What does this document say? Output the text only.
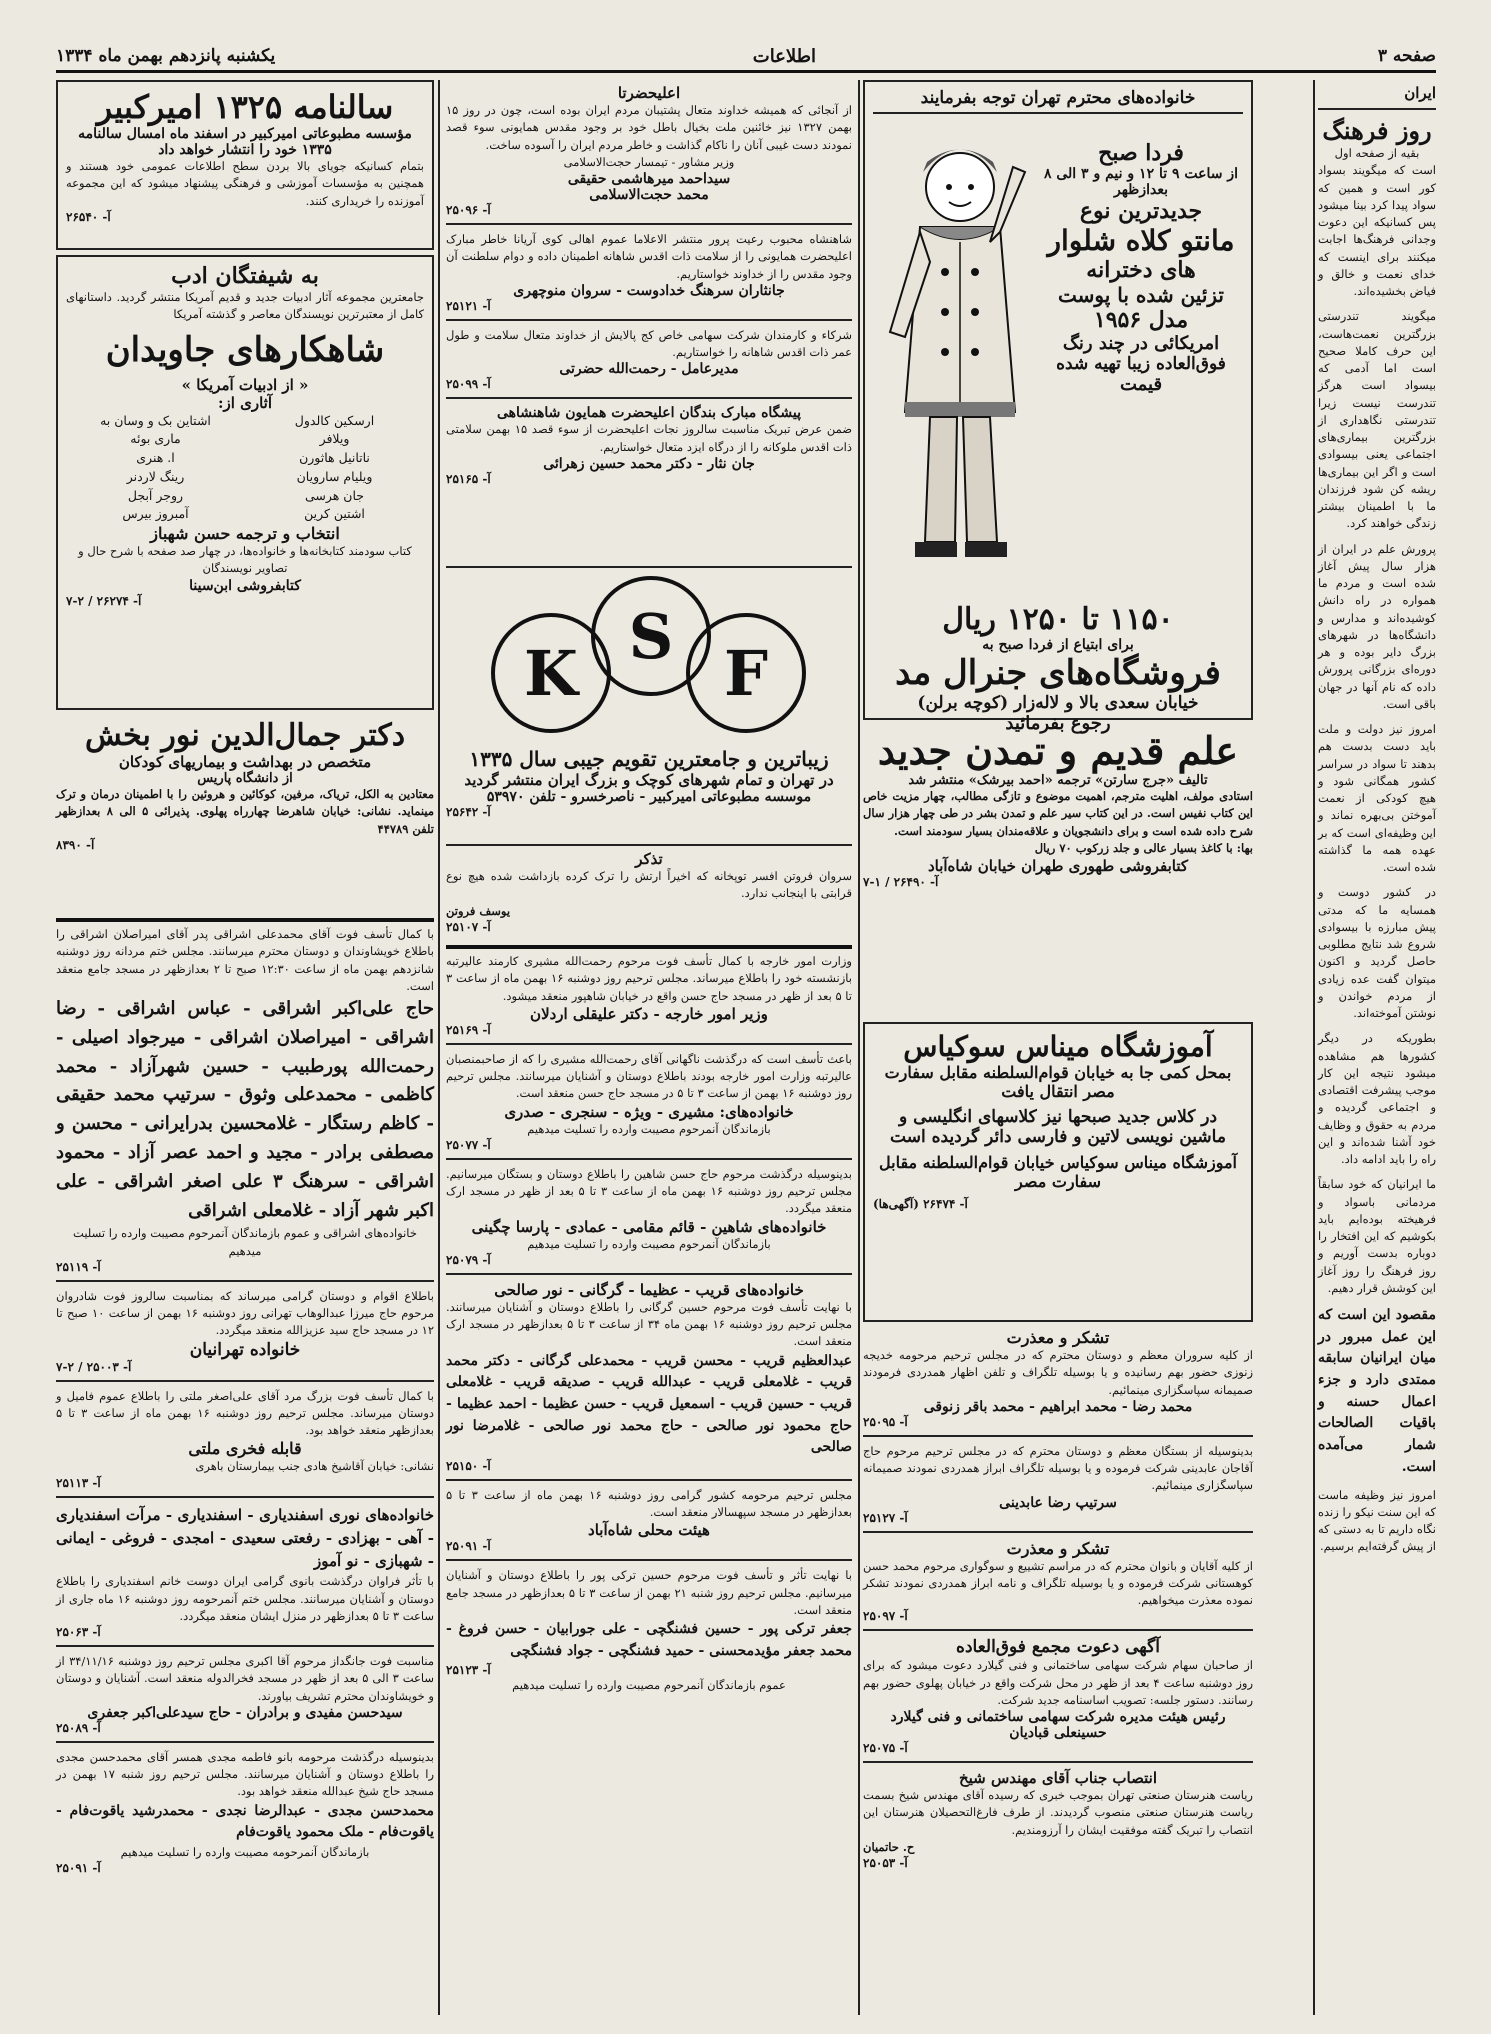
صفحه ۳
اطلاعات
یکشنبه پانزدهم بهمن ماه ۱۳۳۴
ایران
روز فرهنگ
بقیه از صفحه اول
است که میگویند بسواد کور است و همین که سواد پیدا کرد بینا میشود پس کسانیکه این دعوت وجدانی فرهنگ‌ها اجابت میکنند برای اینست که خدای نعمت و خالق و فیاض بخشیده‌اند.
میگویند تندرستی بزرگترین نعمت‌هاست، این حرف کاملا صحیح است اما آدمی که بیسواد است هرگز تندرست نیست زیرا تندرستی نگاهداری از بزرگترین بیماری‌های اجتماعی یعنی بیسوادی است و اگر این بیماری‌ها ریشه کن شود فرزندان ما با اطمینان بیشتر زندگی خواهند کرد.
پرورش علم در ایران از هزار سال پیش آغاز شده است و مردم ما همواره در راه دانش کوشیده‌اند و مدارس و دانشگاه‌ها در شهرهای بزرگ دایر بوده و هر دوره‌ای بزرگانی پرورش داده که نام آنها در جهان باقی است.
امروز نیز دولت و ملت باید دست بدست هم بدهند تا سواد در سراسر کشور همگانی شود و هیچ کودکی از نعمت آموختن بی‌بهره نماند و این وظیفه‌ای است که بر عهده همه ما گذاشته شده است.
در کشور دوست و همسایه ما که مدتی پیش مبارزه با بیسوادی شروع شد نتایج مطلوبی حاصل گردید و اکنون میتوان گفت عده زیادی از مردم خواندن و نوشتن آموخته‌اند.
بطوریکه در دیگر کشورها هم مشاهده میشود نتیجه این کار موجب پیشرفت اقتصادی و اجتماعی گردیده و مردم به حقوق و وظایف خود آشنا شده‌اند و این راه را باید ادامه داد.
ما ایرانیان که خود سابقاً مردمانی باسواد و فرهیخته بوده‌ایم باید بکوشیم که این افتخار را دوباره بدست آوریم و روز فرهنگ را روز آغاز این کوشش قرار دهیم.
مقصود این است که این عمل مبرور در میان ایرانیان سابقه ممتدی دارد و جزء اعمال حسنه و باقیات الصالحات شمار می‌آمده است.
امروز نیز وظیفه ماست که این سنت نیکو را زنده نگاه داریم تا به دستی که از پیش گرفته‌ایم برسیم.
خانواده‌های محترم تهران توجه بفرمایند
فردا صبح
از ساعت ۹ تا ۱۲ و نیم و ۳ الی ۸ بعدازظهر
جدیدترین نوع
مانتو کلاه شلوار
های دخترانه
تزئین شده با پوست
مدل ۱۹۵۶
امریکائی در چند رنگ
فوق‌العاده زیبا تهیه شده
قیمت
۱۱۵۰ تا ۱۲۵۰ ریال
برای ابتیاع از فردا صبح به
فروشگاه‌های جنرال مد
خیابان سعدی بالا و لاله‌زار (کوچه برلن)
رجوع بفرمائید
علم قدیم و تمدن جدید
تالیف «جرج سارتن» ترجمه «احمد بیرشک» منتشر شد
استادی مولف، اهلیت مترجم، اهمیت موضوع و تازگی مطالب، چهار مزیت خاص این کتاب نفیس است. در این کتاب سیر علم و تمدن بشر در طی چهار هزار سال شرح داده شده است و برای دانشجویان و علاقه‌مندان بسیار سودمند است.
بها: با کاغذ بسیار عالی و جلد زرکوب ۷۰ ریال
کتابفروشی طهوری طهران خیابان شاه‌آباد
آ- ۲۶۴۹۰ / ۱-۷
آموزشگاه میناس سوکیاس
بمحل کمی جا به خیابان قوام‌السلطنه مقابل سفارت
مصر انتقال یافت
در کلاس جدید صبحها نیز کلاسهای انگلیسی و ماشین نویسی لاتین و فارسی دائر گردیده است
آموزشگاه میناس سوکیاس خیابان قوام‌السلطنه مقابل سفارت مصر
آ- ۲۶۴۷۴ (آگهی‌ها)
تشکر و معذرت
از کلیه سروران معظم و دوستان محترم که در مجلس ترحیم مرحومه خدیجه زنوزی حضور بهم رسانیده و یا بوسیله تلگراف و تلفن اظهار همدردی فرمودند صمیمانه سپاسگزاری مینمائیم.
محمد رضا - محمد ابراهیم - محمد باقر زنوقی
آ- ۲۵۰۹۵
بدینوسیله از بستگان معظم و دوستان محترم که در مجلس ترحیم مرحوم حاج آقاجان عابدینی شرکت فرموده و یا بوسیله تلگراف ابراز همدردی نمودند صمیمانه سپاسگزاری مینمائیم.
سرتیپ رضا عابدینی
آ- ۲۵۱۲۷
تشکر و معذرت
از کلیه آقایان و بانوان محترم که در مراسم تشییع و سوگواری مرحوم محمد حسن کوهستانی شرکت فرموده و یا بوسیله تلگراف و نامه ابراز همدردی نمودند تشکر نموده معذرت میخواهیم.
آ- ۲۵۰۹۷
آگهی دعوت مجمع فوق‌العاده
از صاحبان سهام شرکت سهامی ساختمانی و فنی گیلارد دعوت میشود که برای روز دوشنبه ساعت ۴ بعد از ظهر در محل شرکت واقع در خیابان پهلوی حضور بهم رسانند. دستور جلسه: تصویب اساسنامه جدید شرکت.
رئیس هیئت مدیره شرکت سهامی ساختمانی و فنی گیلارد
حسینعلی قبادیان
آ- ۲۵۰۷۵
انتصاب جناب آقای مهندس شیخ
ریاست هنرستان صنعتی تهران بموجب خبری که رسیده آقای مهندس شیخ بسمت ریاست هنرستان صنعتی منصوب گردیدند. از طرف فارغ‌التحصیلان هنرستان این انتصاب را تبریک گفته موفقیت ایشان را آرزومندیم.
ح. حاتمیان
آ- ۲۵۰۵۳
اعلیحضرتا
از آنجائی که همیشه خداوند متعال پشتیبان مردم ایران بوده است، چون در روز ۱۵ بهمن ۱۳۲۷ نیز خائنین ملت بخیال باطل خود بر وجود مقدس همایونی سوء قصد نمودند دست غیبی آنان را ناکام گذاشت و خاطر مردم ایران را آسوده ساخت.
وزیر مشاور - تیمسار حجت‌الاسلامی
سیداحمد میرهاشمی حقیقی
محمد حجت‌الاسلامی
آ- ۲۵۰۹۶
شاهنشاه محبوب رعیت پرور منتشر الاعلاما عموم اهالی کوی آریانا خاطر مبارک اعلیحضرت همایونی را از سلامت ذات اقدس شاهانه اطمینان داده و دوام سلطنت آن وجود مقدس را از خداوند خواستاریم.
جانثاران سرهنگ خدادوست - سروان منوچهری
آ- ۲۵۱۲۱
شرکاء و کارمندان شرکت سهامی خاص کج پالایش از خداوند متعال سلامت و طول عمر ذات اقدس شاهانه را خواستاریم.
مدیرعامل - رحمت‌الله حضرتی
آ- ۲۵۰۹۹
پیشگاه مبارک بندگان اعلیحضرت همایون شاهنشاهی
ضمن عرض تبریک مناسبت سالروز نجات اعلیحضرت از سوء قصد ۱۵ بهمن سلامتی ذات اقدس ملوکانه را از درگاه ایزد متعال خواستاریم.
جان نثار - دکتر محمد حسین زهرائی
آ- ۲۵۱۶۵
K
S
F
زیباترین و جامعترین تقویم جیبی سال ۱۳۳۵
در تهران و تمام شهرهای کوچک و بزرگ ایران منتشر گردید
موسسه مطبوعاتی امیرکبیر - ناصرخسرو - تلفن ۵۳۹۷۰
آ- ۲۵۶۴۲
تذکر
سروان فروتن افسر توپخانه که اخیراً ارتش را ترک کرده بازداشت شده هیچ نوع قرابتی با اینجانب ندارد.
یوسف فروتن
آ- ۲۵۱۰۷
وزارت امور خارجه با کمال تأسف فوت مرحوم رحمت‌الله مشیری کارمند عالیرتبه بازنشسته خود را باطلاع میرساند. مجلس ترحیم روز دوشنبه ۱۶ بهمن ماه از ساعت ۳ تا ۵ بعد از ظهر در مسجد حاج حسن واقع در خیابان شاهپور منعقد میشود.
وزیر امور خارجه - دکتر علیقلی اردلان
آ- ۲۵۱۶۹
باعث تأسف است که درگذشت ناگهانی آقای رحمت‌الله مشیری را که از صاحبمنصبان عالیرتبه وزارت امور خارجه بودند باطلاع دوستان و آشنایان میرسانند. مجلس ترحیم روز دوشنبه ۱۶ بهمن از ساعت ۳ تا ۵ در مسجد حاج حسن منعقد است.
خانواده‌های: مشیری - ویژه - سنجری - صدری
بازماندگان آنمرحوم مصیبت وارده را تسلیت میدهیم
آ- ۲۵۰۷۷
بدینوسیله درگذشت مرحوم حاج حسن شاهین را باطلاع دوستان و بستگان میرسانیم. مجلس ترحیم روز دوشنبه ۱۶ بهمن ماه از ساعت ۳ تا ۵ بعد از ظهر در مسجد ارک منعقد میگردد.
خانواده‌های شاهین - قائم مقامی - عمادی - پارسا چگینی
بازماندگان آنمرحوم مصیبت وارده را تسلیت میدهیم
آ- ۲۵۰۷۹
خانواده‌های قریب - عظیما - گرگانی - نور صالحی
با نهایت تأسف فوت مرحوم حسین گرگانی را باطلاع دوستان و آشنایان میرسانند. مجلس ترحیم روز دوشنبه ۱۶ بهمن ماه ۳۴ از ساعت ۳ تا ۵ بعدازظهر در مسجد ارک منعقد است.
عبدالعظیم قریب - محسن قریب - محمدعلی گرگانی - دکتر محمد قریب - غلامعلی قریب - عبدالله قریب - صدیقه قریب - غلامعلی قریب - حسین قریب - اسمعیل قریب - حسن عظیما - احمد عظیما - حاج محمود نور صالحی - حاج محمد نور صالحی - غلامرضا نور صالحی
آ- ۲۵۱۵۰
مجلس ترحیم مرحومه کشور گرامی روز دوشنبه ۱۶ بهمن ماه از ساعت ۳ تا ۵ بعدازظهر در مسجد سپهسالار منعقد است.
هیئت محلی شاه‌آباد
آ- ۲۵۰۹۱
با نهایت تأثر و تأسف فوت مرحوم حسین ترکی پور را باطلاع دوستان و آشنایان میرسانیم. مجلس ترحیم روز شنبه ۲۱ بهمن از ساعت ۳ تا ۵ بعدازظهر در مسجد جامع منعقد است.
جعفر ترکی پور - حسین فشنگچی - علی جورابیان - حسن فروغ - محمد جعفر مؤیدمحسنی - حمید فشنگچی - جواد فشنگچی
آ- ۲۵۱۲۳
عموم بازماندگان آنمرحوم مصیبت وارده را تسلیت میدهیم
سالنامه ۱۳۲۵ امیرکبیر
مؤسسه مطبوعاتی امیرکبیر در اسفند ماه امسال سالنامه ۱۳۳۵ خود را انتشار خواهد داد
بتمام کسانیکه جویای بالا بردن سطح اطلاعات عمومی خود هستند و همچنین به مؤسسات آموزشی و فرهنگی پیشنهاد میشود که این مجموعه آموزنده را خریداری کنند.
آ- ۲۶۵۴۰
به شیفتگان ادب
جامعترین مجموعه آثار ادبیات جدید و قدیم آمریکا منتشر گردید. داستانهای کامل از معتبرترین نویسندگان معاصر و گذشته آمریکا
شاهکارهای جاویدان
« از ادبیات آمریکا »
آثاری از:
ارسکین کالدول
اشتاین بک و وسان به
ویلافر
ماری بوئه
ناتانیل هاثورن
ا. هنری
ویلیام سارویان
رینگ لاردنر
جان هرسی
روجر آبجل
اشتین کرین
آمبروز بیرس
انتخاب و ترجمه حسن شهباز
کتاب سودمند کتابخانه‌ها و خانواده‌ها، در چهار صد صفحه با شرح حال و تصاویر نویسندگان
کتابفروشی ابن‌سینا
آ- ۲۶۲۷۴ / ۲-۷
دکتر جمال‌الدین نور بخش
متخصص در بهداشت و بیماریهای کودکان
از دانشگاه پاریس
معتادین به الکل، تریاک، مرفین، کوکائین و هروئین را با اطمینان درمان و ترک مینماید. نشانی: خیابان شاهرضا چهارراه پهلوی. پذیرائی ۵ الی ۸ بعدازظهر تلفن ۴۴۷۸۹
آ- ۸۳۹۰
با کمال تأسف فوت آقای محمدعلی اشراقی پدر آقای امیراصلان اشراقی را باطلاع خویشاوندان و دوستان محترم میرسانند. مجلس ختم مردانه روز دوشنبه شانزدهم بهمن ماه از ساعت ۱۲:۳۰ صبح تا ۲ بعدازظهر در مسجد جامع منعقد است.
حاج علی‌اکبر اشراقی - عباس اشراقی - رضا اشراقی - امیراصلان اشراقی - میرجواد اصیلی - رحمت‌الله پورطبیب - حسین شهرآزاد - محمد کاظمی - محمدعلی وثوق - سرتیپ محمد حقیقی - کاظم رستگار - غلامحسین بدرایرانی - محسن و مصطفی برادر - مجید و احمد عصر آزاد - محمود اشراقی - سرهنگ ۳ علی اصغر اشراقی - علی اکبر شهر آزاد - غلامعلی اشراقی
خانواده‌های اشراقی و عموم بازماندگان آنمرحوم مصیبت وارده را تسلیت میدهیم
آ- ۲۵۱۱۹
باطلاع اقوام و دوستان گرامی میرساند که بمناسبت سالروز فوت شادروان مرحوم حاج میرزا عبدالوهاب تهرانی روز دوشنبه ۱۶ بهمن از ساعت ۱۰ صبح تا ۱۲ در مسجد حاج سید عزیزالله منعقد میگردد.
خانواده تهرانیان
آ- ۲۵۰۰۳ / ۲-۷
با کمال تأسف فوت بزرگ مرد آقای علی‌اصغر ملتی را باطلاع عموم فامیل و دوستان میرساند. مجلس ترحیم روز دوشنبه ۱۶ بهمن ماه از ساعت ۳ تا ۵ بعدازظهر منعقد خواهد بود.
قابله فخری ملتی
نشانی: خیابان آقاشیخ هادی جنب بیمارستان باهری
آ- ۲۵۱۱۳
خانواده‌های نوری اسفندیاری - اسفندیاری - مرآت اسفندیاری - آهی - بهزادی - رفعتی سعیدی - امجدی - فروغی - ایمانی - شهبازی - نو آموز
با تأثر فراوان درگذشت بانوی گرامی ایران دوست خانم اسفندیاری را باطلاع دوستان و آشنایان میرسانند. مجلس ختم آنمرحومه روز دوشنبه ۱۶ ماه جاری از ساعت ۳ تا ۵ بعدازظهر در منزل ایشان منعقد میگردد.
آ- ۲۵۰۶۳
مناسبت فوت جانگداز مرحوم آقا اکبری مجلس ترحیم روز دوشنبه ۳۴/۱۱/۱۶ از ساعت ۳ الی ۵ بعد از ظهر در مسجد فخرالدوله منعقد است. آشنایان و دوستان و خویشاوندان محترم تشریف بیاورند.
سیدحسن مفیدی و برادران - حاج سیدعلی‌اکبر جعفری
آ- ۲۵۰۸۹
بدینوسیله درگذشت مرحومه بانو فاطمه مجدی همسر آقای محمدحسن مجدی را باطلاع دوستان و آشنایان میرسانند. مجلس ترحیم روز شنبه ۱۷ بهمن در مسجد حاج شیخ عبدالله منعقد خواهد بود.
محمدحسن مجدی - عبدالرضا نجدی - محمدرشید یاقوت‌فام - یاقوت‌فام - ملک محمود یاقوت‌فام
بازماندگان آنمرحومه مصیبت وارده را تسلیت میدهیم
آ- ۲۵۰۹۱
